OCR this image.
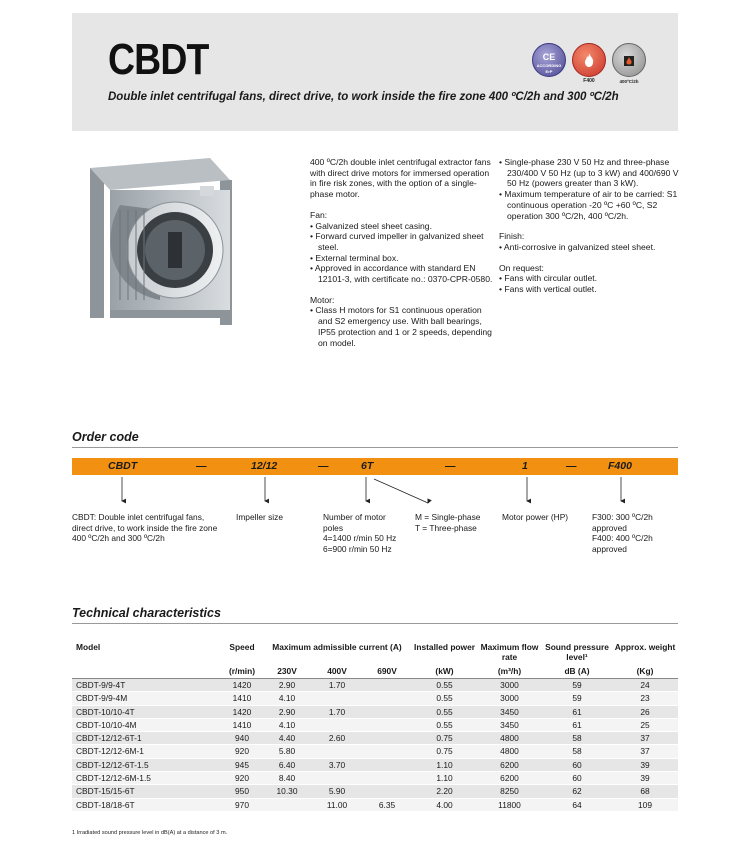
CBDT
Double inlet centrifugal fans, direct drive, to work inside the fire zone 400 ºC/2h and 300 ºC/2h
CE
ACCORDING ErP
F400	400ºC/2h

400 ºC/2h double inlet centrifugal extractor fans with direct drive motors for immersed operation in fire risk zones, with the option of a single-phase motor.

Fan:
• Galvanized steel sheet casing.
• Forward curved impeller in galvanized sheet steel.
• External terminal box.
• Approved in accordance with standard EN 12101-3, with certificate no.: 0370-CPR-0580.
Motor:
• Class H motors for S1 continuous operation and S2 emergency use. With ball bearings, IP55 protection and 1 or 2 speeds, depending on model.
• Single-phase 230 V 50 Hz and three-phase 230/400 V 50 Hz (up to 3 kW) and 400/690 V 50 Hz (powers greater than 3 kW).
• Maximum temperature of air to be carried: S1 continuous operation -20 ºC +60 ºC, S2 operation 300 ºC/2h, 400 ºC/2h.
Finish:
• Anti-corrosive in galvanized steel sheet.
On request:
• Fans with circular outlet.
• Fans with vertical outlet.
Order code
CBDT	—	12/12	—	6T	—	1	—	F400
CBDT: Double inlet centrifugal fans, direct drive, to work inside the fire zone 400 ºC/2h and 300 ºC/2h
Impeller size	Number of motor poles
4=1400 r/min 50 Hz
6=900 r/min 50 Hz
M = Single-phase
T = Three-phase
Motor power (HP)	F300: 300 ºC/2h approved
F400: 400 ºC/2h approved
Technical characteristics
Model	Speed	Maximum admissible current (A)			Installed power	Maximum flow rate	Sound pressure level¹	Approx. weight
	(r/min)	230V	400V	690V	(kW)	(m³/h)	dB (A)	(Kg)
CBDT-9/9-4T	1420	2.90	1.70		0.55	3000	59	24
CBDT-9/9-4M	1410	4.10			0.55	3000	59	23
CBDT-10/10-4T	1420	2.90	1.70		0.55	3450	61	26
CBDT-10/10-4M	1410	4.10			0.55	3450	61	25
CBDT-12/12-6T-1	940	4.40	2.60		0.75	4800	58	37
CBDT-12/12-6M-1	920	5.80			0.75	4800	58	37
CBDT-12/12-6T-1.5	945	6.40	3.70		1.10	6200	60	39
CBDT-12/12-6M-1.5	920	8.40			1.10	6200	60	39
CBDT-15/15-6T	950	10.30	5.90		2.20	8250	62	68
CBDT-18/18-6T	970		11.00	6.35	4.00	11800	64	109
1 Irradiated sound pressure level in dB(A) at a distance of 3 m.
